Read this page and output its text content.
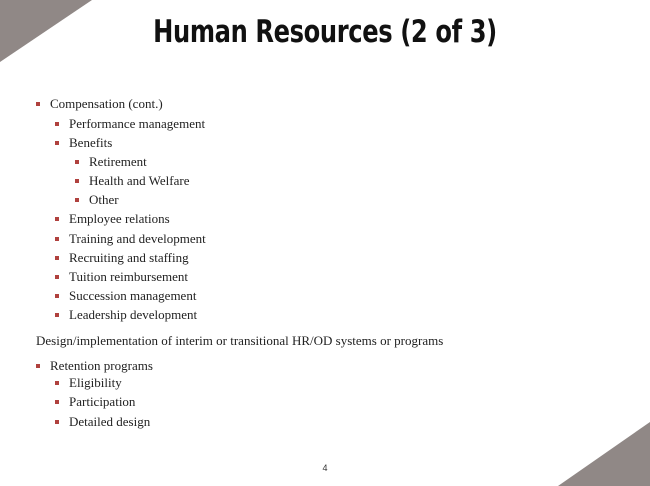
Human Resources (2 of 3)
Compensation (cont.)
Performance management
Benefits
Retirement
Health and Welfare
Other
Employee relations
Training and development
Recruiting and staffing
Tuition reimbursement
Succession management
Leadership development
Design/implementation of interim or transitional HR/OD systems or programs
Retention programs
Eligibility
Participation
Detailed design
4
